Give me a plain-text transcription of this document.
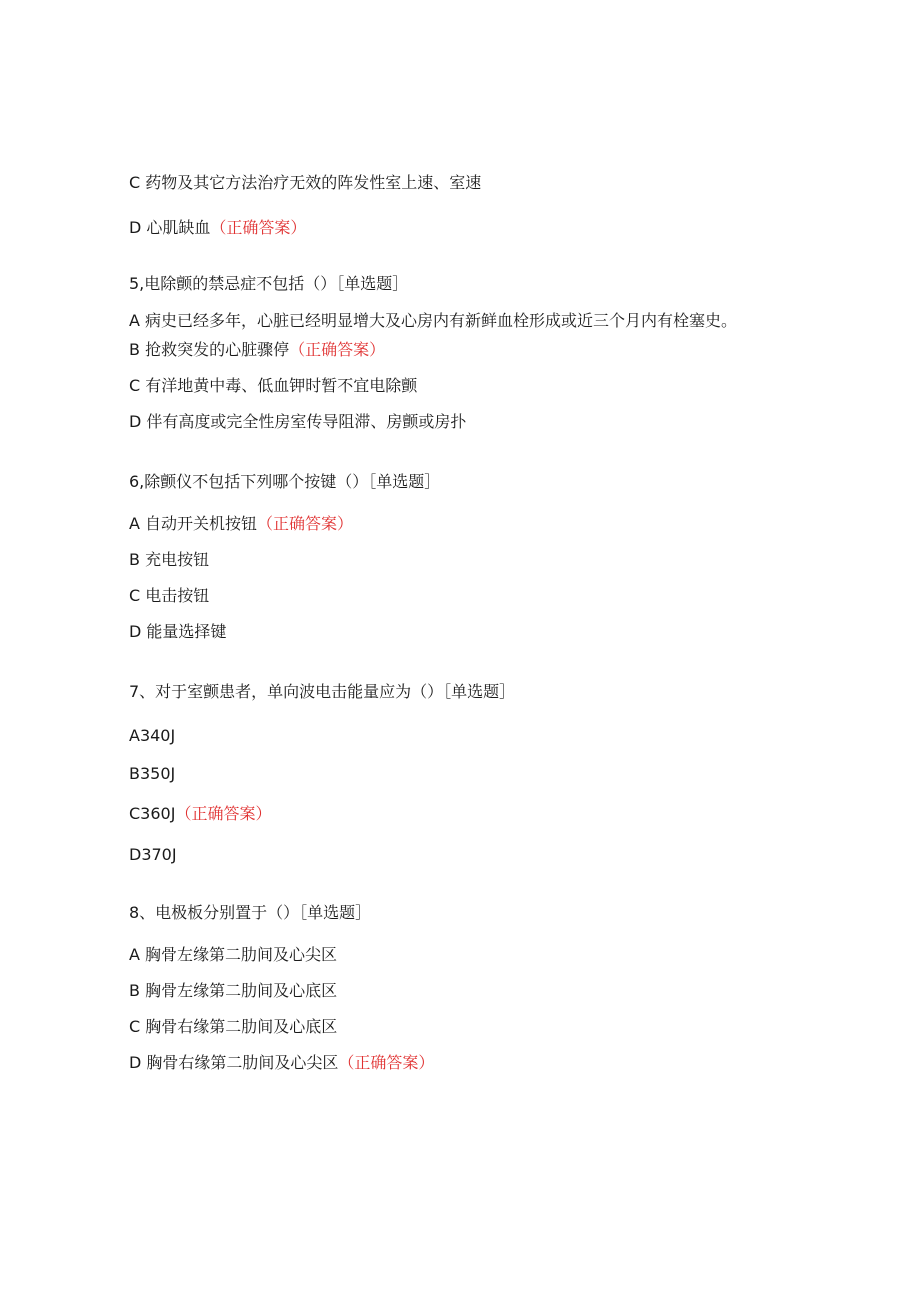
C 药物及其它方法治疗无效的阵发性室上速、室速
D 心肌缺血（正确答案）
5,电除颤的禁忌症不包括（）［单选题］
A 病史已经多年，心脏已经明显增大及心房内有新鲜血栓形成或近三个月内有栓塞史。
B 抢救突发的心脏骤停（正确答案）
C 有洋地黄中毒、低血钾时暂不宜电除颤
D 伴有高度或完全性房室传导阻滞、房颤或房扑
6,除颤仪不包括下列哪个按键（）［单选题］
A 自动开关机按钮（正确答案）
B 充电按钮
C 电击按钮
D 能量选择键
7、对于室颤患者，单向波电击能量应为（）［单选题］
A340J
B350J
C360J（正确答案）
D370J
8、电极板分别置于（）［单选题］
A 胸骨左缘第二肋间及心尖区
B 胸骨左缘第二肋间及心底区
C 胸骨右缘第二肋间及心底区
D 胸骨右缘第二肋间及心尖区（正确答案）
